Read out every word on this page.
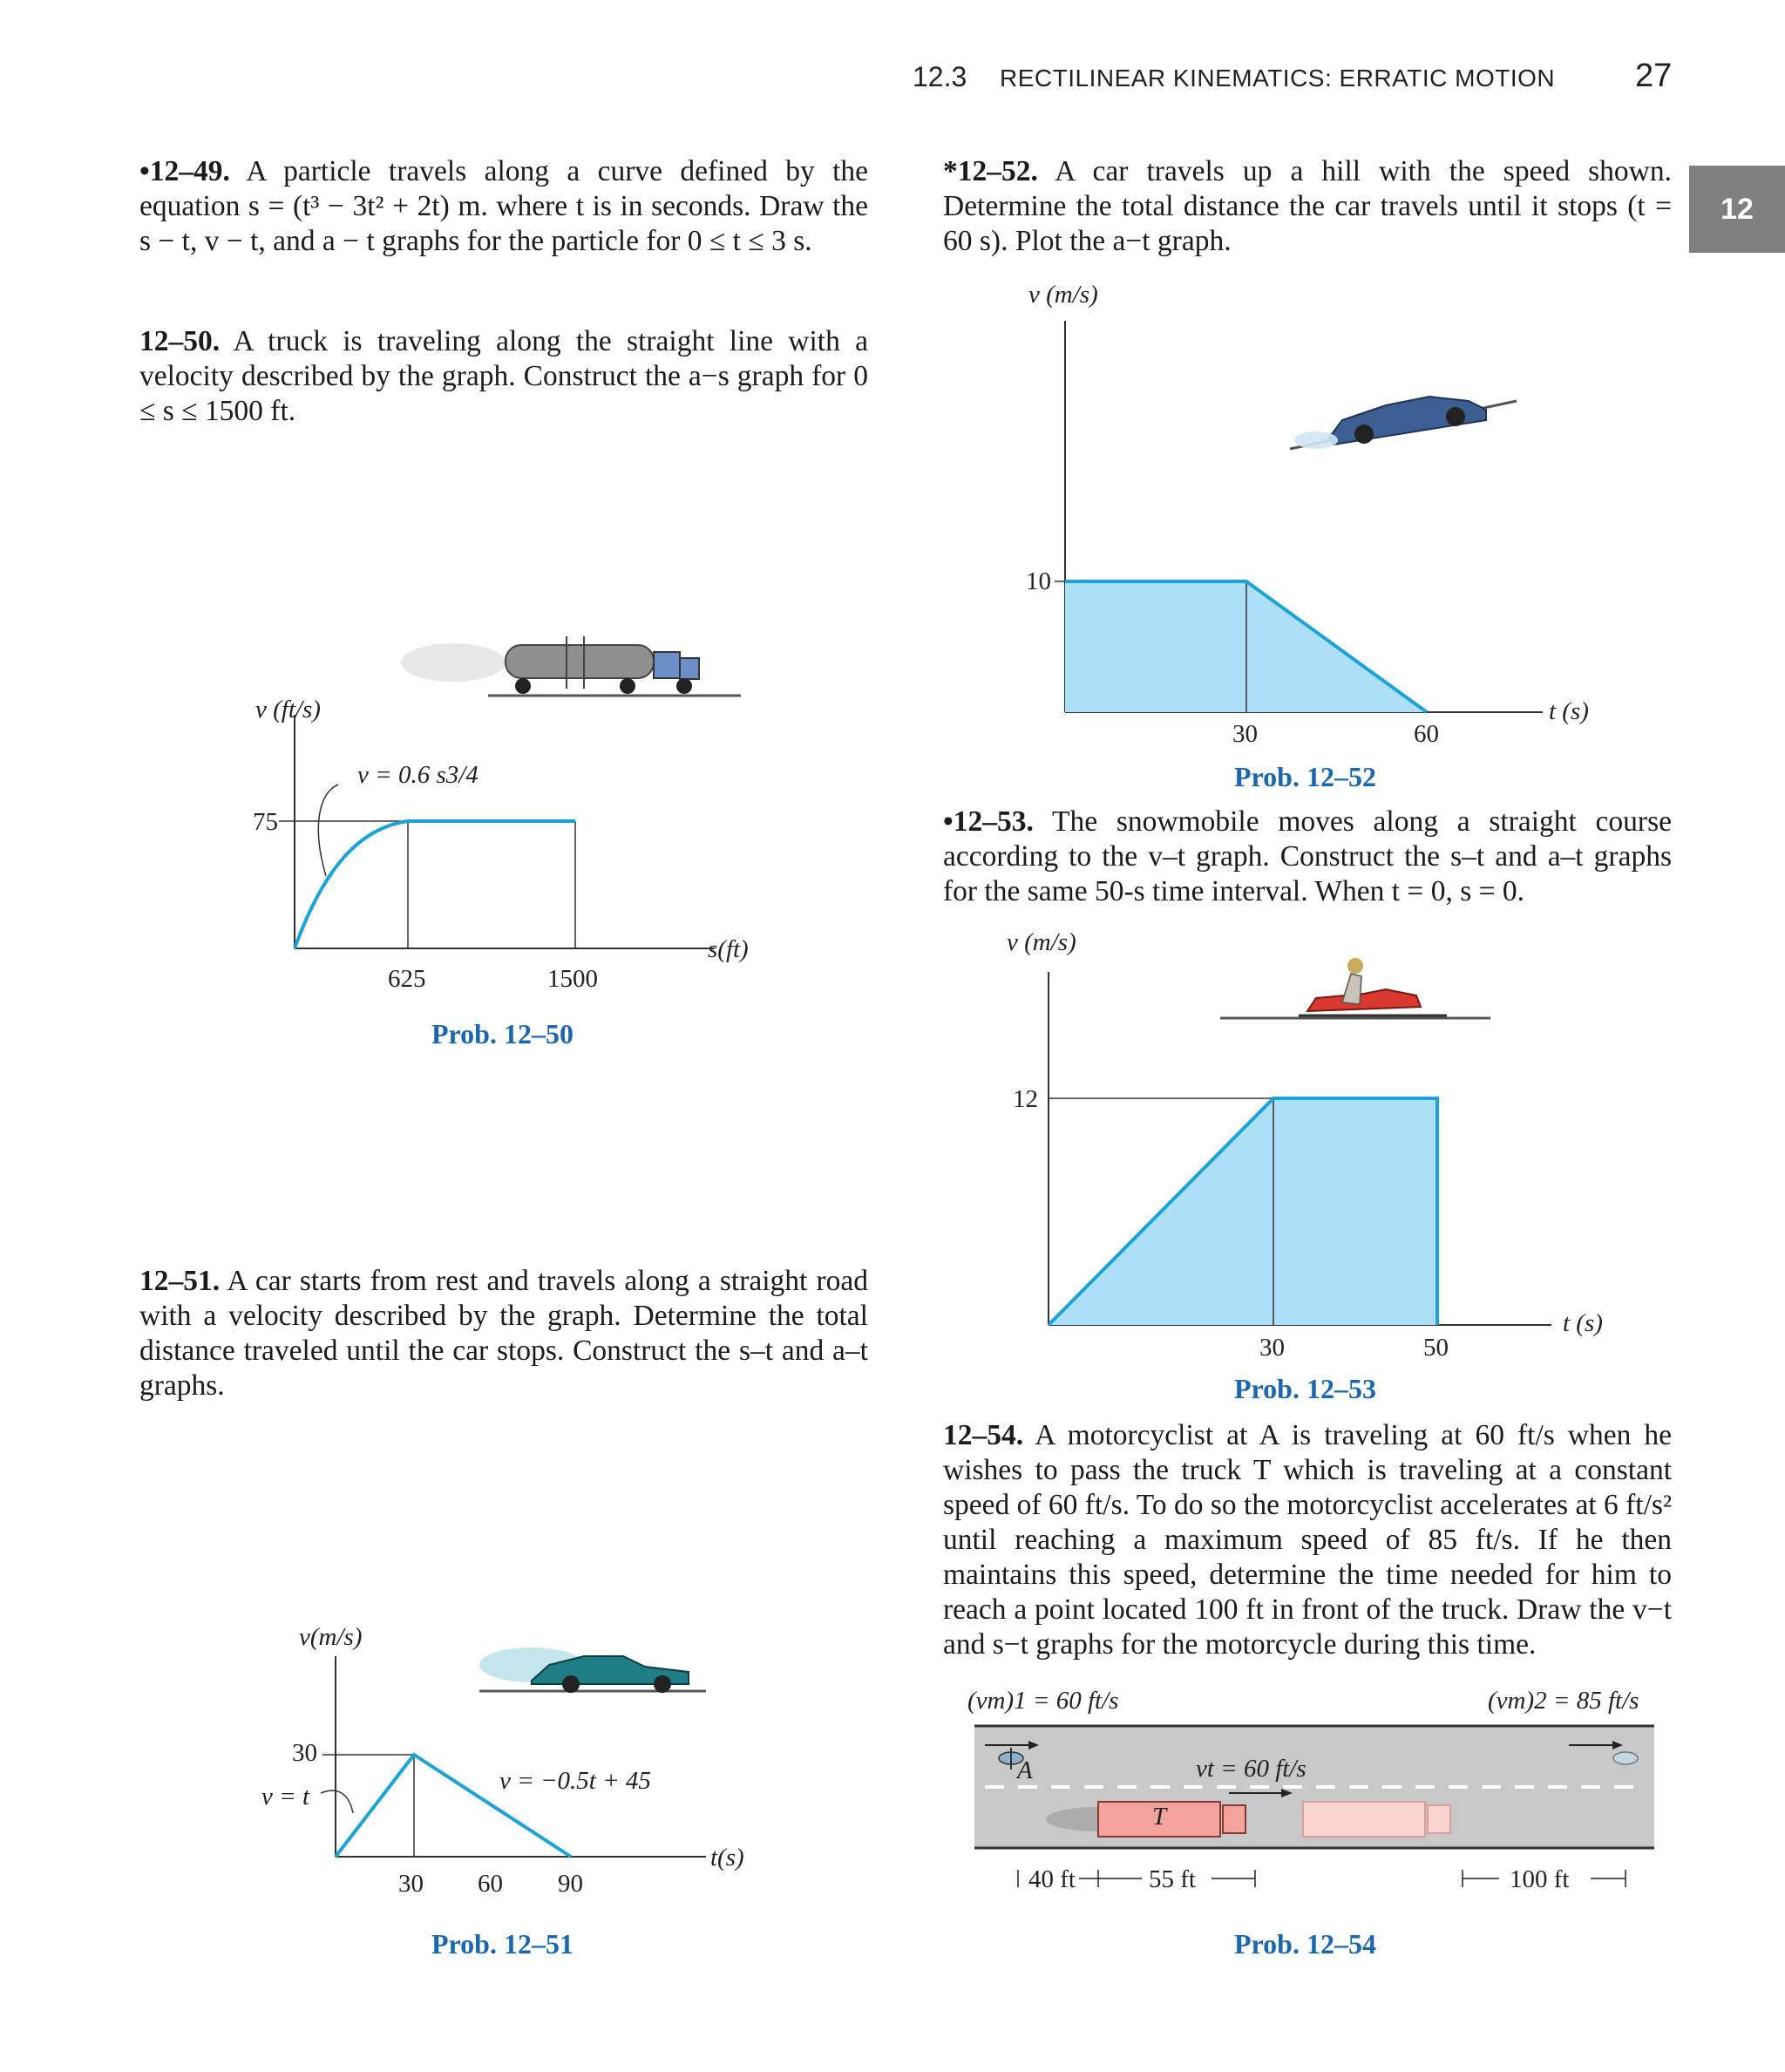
12.3 RECTILINEAR KINEMATICS: ERRATIC MOTION 27
12
•12–49. A particle travels along a curve defined by the equation s = (t³ − 3t² + 2t) m. where t is in seconds. Draw the s − t, v − t, and a − t graphs for the particle for 0 ≤ t ≤ 3 s.
12–50. A truck is traveling along the straight line with a velocity described by the graph. Construct the a−s graph for 0 ≤ s ≤ 1500 ft.
12–51. A car starts from rest and travels along a straight road with a velocity described by the graph. Determine the total distance traveled until the car stops. Construct the s–t and a–t graphs.
*12–52. A car travels up a hill with the speed shown. Determine the total distance the car travels until it stops (t = 60 s). Plot the a−t graph.
•12–53. The snowmobile moves along a straight course according to the v–t graph. Construct the s–t and a–t graphs for the same 50-s time interval. When t = 0, s = 0.
12–54. A motorcyclist at A is traveling at 60 ft/s when he wishes to pass the truck T which is traveling at a constant speed of 60 ft/s. To do so the motorcyclist accelerates at 6 ft/s² until reaching a maximum speed of 85 ft/s. If he then maintains this speed, determine the time needed for him to reach a point located 100 ft in front of the truck. Draw the v−t and s−t graphs for the motorcycle during this time.
v (ft/s)
s(ft)
75
625	1500
v = 0.6 s3/4
Prob. 12–50
v(m/s)
t(s)
30
30 60 90
v = t
v = −0.5t + 45
Prob. 12–51
v (m/s)
t (s)
10
30	60
Prob. 12–52
v (m/s)
t (s)
12
30	50
Prob. 12–53
(vm)1 = 60 ft/s	(vm)2 = 85 ft/s
vt = 60 ft/s
A
T
40 ft	55 ft	100 ft
Prob. 12–54
